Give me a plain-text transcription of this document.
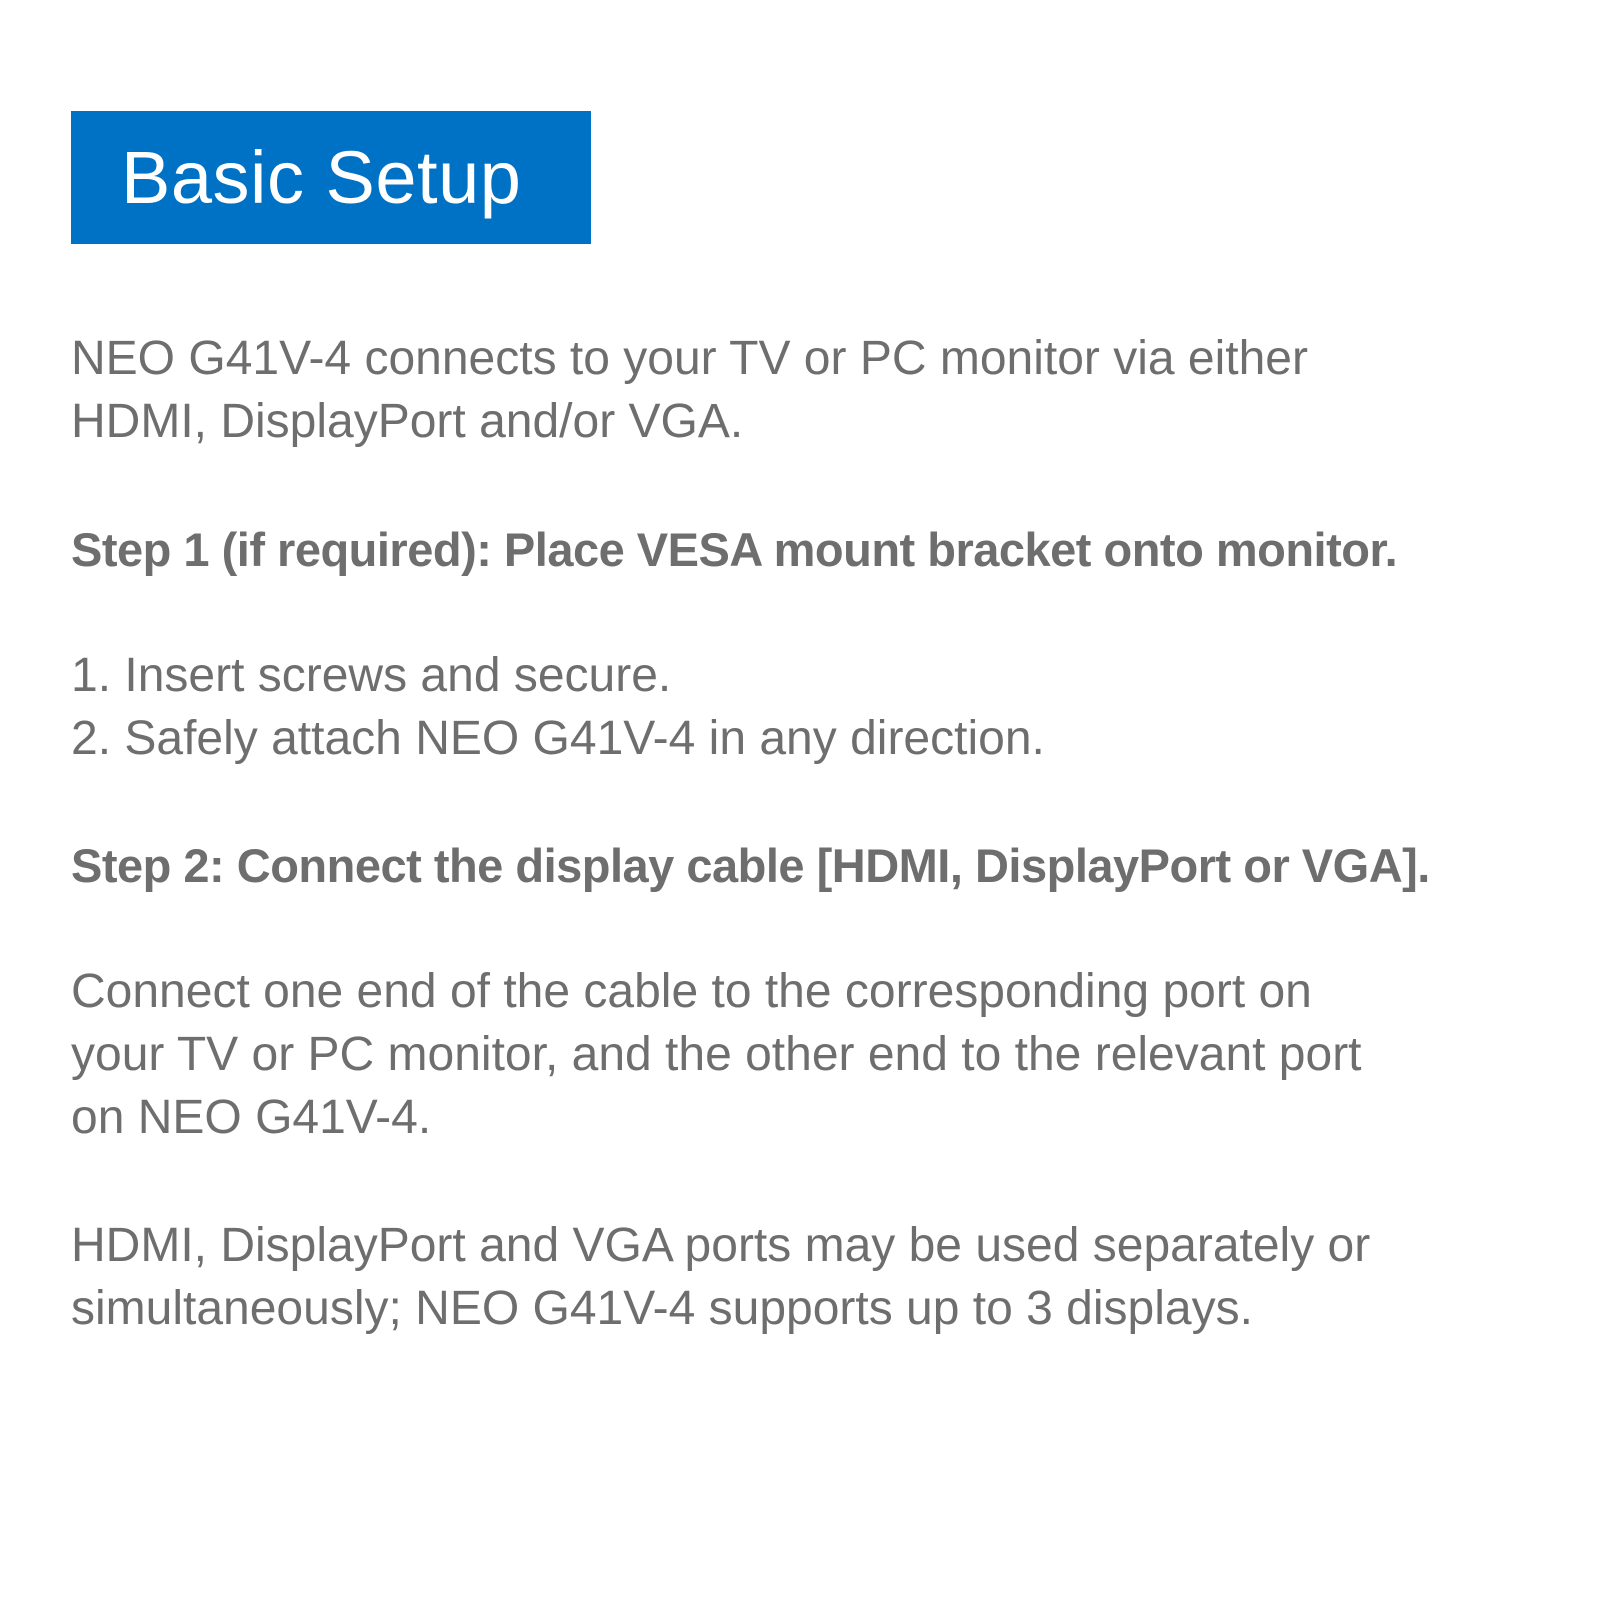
Basic Setup

NEO G41V-4 connects to your TV or PC monitor via either
HDMI, DisplayPort and/or VGA.

Step 1 (if required): Place VESA mount bracket onto monitor.

1. Insert screws and secure.
2. Safely attach NEO G41V-4 in any direction.

Step 2: Connect the display cable [HDMI, DisplayPort or VGA].

Connect one end of the cable to the corresponding port on
your TV or PC monitor, and the other end to the relevant port
on NEO G41V-4.

HDMI, DisplayPort and VGA ports may be used separately or
simultaneously; NEO G41V-4 supports up to 3 displays.
